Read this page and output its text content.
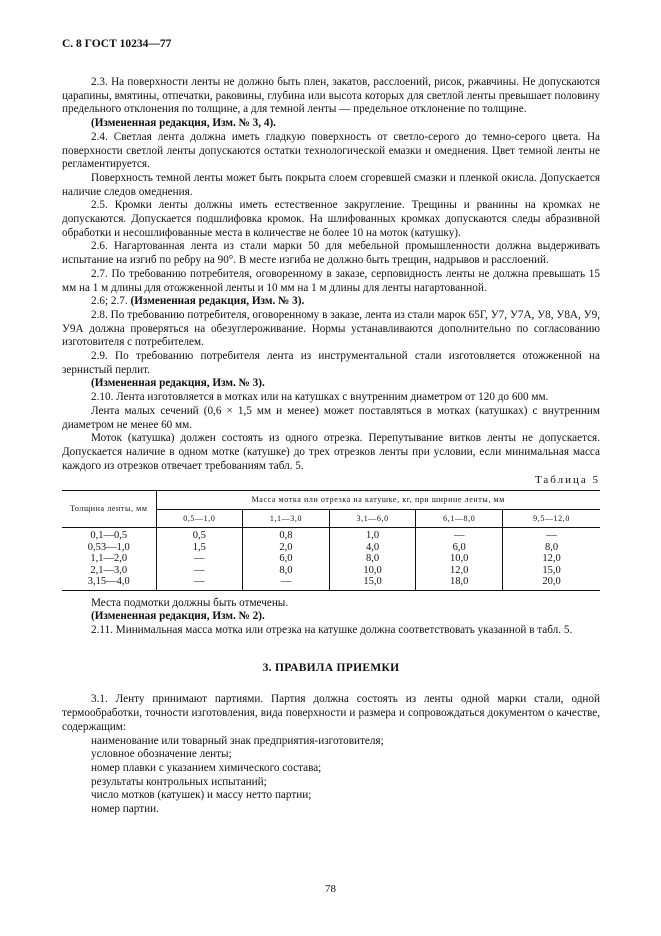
С. 8 ГОСТ 10234—77

2.3. На поверхности ленты не должно быть плен, закатов, расслоений, рисок, ржавчины. Не допускаются царапины, вмятины, отпечатки, раковины, глубина или высота которых для светлой ленты превышает половину предельного отклонения по толщине, а для темной ленты — предельное отклонение по толщине.

(Измененная редакция, Изм. № 3, 4).

2.4. Светлая лента должна иметь гладкую поверхность от светло-серого до темно-серого цвета. На поверхности светлой ленты допускаются остатки технологической емазки и омеднения. Цвет темной ленты не регламентируется.

Поверхность темной ленты может быть покрыта слоем сгоревшей смазки и пленкой окисла. Допускается наличие следов омеднения.

2.5. Кромки ленты должны иметь естественное закругление. Трещины и рванины на кромках не допускаются. Допускается подшлифовка кромок. На шлифованных кромках допускаются следы абразивной обработки и несошлифованные места в количестве не более 10 на моток (катушку).

2.6. Нагартованная лента из стали марки 50 для мебельной промышленности должна выдерживать испытание на изгиб по ребру на 90°. В месте изгиба не должно быть трещин, надрывов и расслоений.

2.7. По требованию потребителя, оговоренному в заказе, серповидность ленты не должна превышать 15 мм на 1 м длины для отожженной ленты и 10 мм на 1 м длины для ленты нагартованной.

2.6; 2.7. (Измененная редакция, Изм. № 3).

2.8. По требованию потребителя, оговоренному в заказе, лента из стали марок 65Г, У7, У7А, У8, У8А, У9, У9А должна проверяться на обезуглероживание. Нормы устанавливаются дополнительно по согласованию изготовителя с потребителем.

2.9. По требованию потребителя лента из инструментальной стали изготовляется отожженной на зернистый перлит.

(Измененная редакция, Изм. № 3).

2.10. Лента изготовляется в мотках или на катушках с внутренним диаметром от 120 до 600 мм.

Лента малых сечений (0,6 × 1,5 мм и менее) может поставляться в мотках (катушках) с внутренним диаметром не менее 60 мм.

Моток (катушка) должен состоять из одного отрезка. Перепутывание витков ленты не допускается. Допускается наличие в одном мотке (катушке) до трех отрезков ленты при условии, если минимальная масса каждого из отрезков отвечает требованиям табл. 5.

Таблица 5
Толщина ленты, мм	Масса мотка или отрезка на катушке, кг, при ширине ленты, мм				
	0,5—1,0	1,1—3,0	3,1—6,0	6,1—8,0	9,5—12,0
0,1—0,5	0,5	0,8	1,0	—	—
0,53—1,0	1,5	2,0	4,0	6,0	8,0
1,1—2,0	—	6,0	8,0	10,0	12,0
2,1—3,0	—	8,0	10,0	12,0	15,0
3,15—4,0	—	—	15,0	18,0	20,0

Места подмотки должны быть отмечены.

(Измененная редакция, Изм. № 2).

2.11. Минимальная масса мотка или отрезка на катушке должна соответствовать указанной в табл. 5.

3. ПРАВИЛА ПРИЕМКИ

3.1. Ленту принимают партиями. Партия должна состоять из ленты одной марки стали, одной термообработки, точности изготовления, вида поверхности и размера и сопровождаться документом о качестве, содержащим:

наименование или товарный знак предприятия-изготовителя;

условное обозначение ленты;

номер плавки с указанием химического состава;

результаты контрольных испытаний;

число мотков (катушек) и массу нетто партии;

номер партии.

78
